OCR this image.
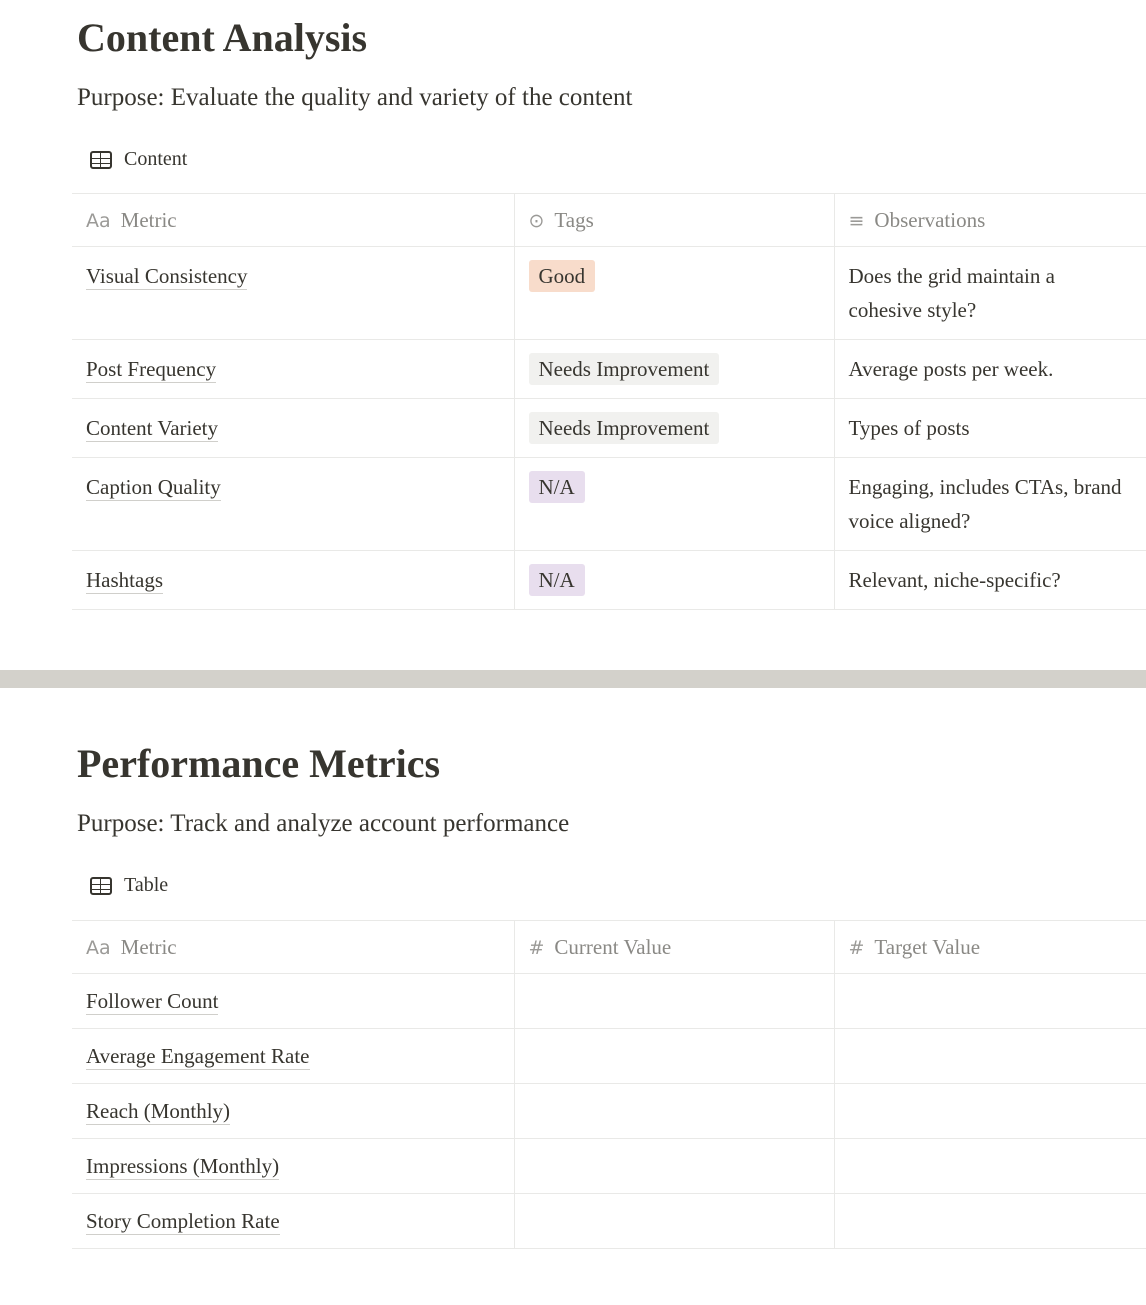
Content Analysis
Purpose: Evaluate the quality and variety of the content
Content
Aa Metric	⊙ Tags	≡ Observations
Visual Consistency	Good	Does the grid maintain a cohesive style?
Post Frequency	Needs Improvement	Average posts per week.
Content Variety	Needs Improvement	Types of posts
Caption Quality	N/A	Engaging, includes CTAs, brand voice aligned?
Hashtags	N/A	Relevant, niche-specific?
Performance Metrics
Purpose: Track and analyze account performance
Table
Aa Metric	# Current Value	# Target Value
Follower Count		
Average Engagement Rate		
Reach (Monthly)		
Impressions (Monthly)		
Story Completion Rate		
